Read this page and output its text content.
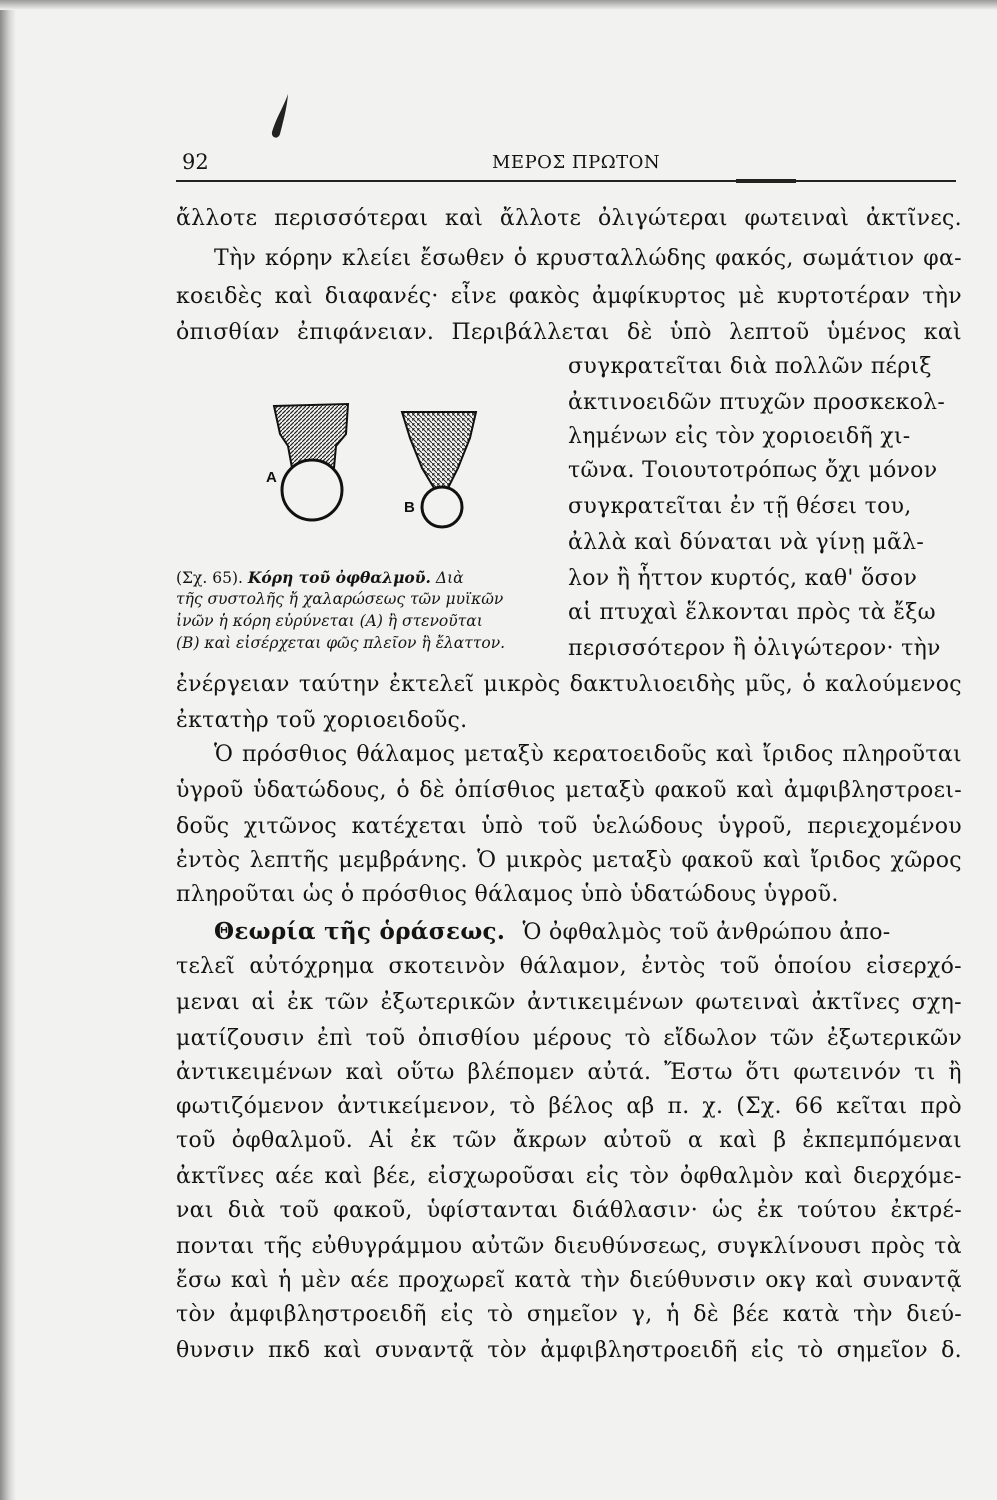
92	ΜΕΡΟΣ ΠΡΩΤΟΝ
ἄλλοτε περισσότεραι καὶ ἄλλοτε ὀλιγώτεραι φωτειναὶ ἀκτῖνες.
Τὴν κόρην κλείει ἔσωθεν ὁ κρυσταλλώδης φακός, σωμάτιον φα-
κοειδὲς καὶ διαφανές· εἶνε φακὸς ἀμφίκυρτος μὲ κυρτοτέραν τὴν
ὀπισθίαν ἐπιφάνειαν. Περιβάλλεται δὲ ὑπὸ λεπτοῦ ὑμένος καὶ
συγκρατεῖται διὰ πολλῶν πέριξ
ἀκτινοειδῶν πτυχῶν προσκεκολ-
λημένων εἰς τὸν χοριοειδῆ χι-
τῶνα. Τοιουτοτρόπως ὄχι μόνον
συγκρατεῖται ἐν τῇ θέσει του,
ἀλλὰ καὶ δύναται νὰ γίνῃ μᾶλ-
λον ἢ ἧττον κυρτός, καθ' ὅσον
αἱ πτυχαὶ ἕλκονται πρὸς τὰ ἔξω
περισσότερον ἢ ὀλιγώτερον· τὴν
A
B
(Σχ. 65). Κόρη τοῦ ὀφθαλμοῦ. Διὰ
τῆς συστολῆς ἤ χαλαρώσεως τῶν μυϊκῶν
ἰνῶν ἡ κόρη εὐρύνεται (Α) ἢ στενοῦται
(Β) καὶ εἰσέρχεται φῶς πλεῖον ἢ ἔλαττον.
ἐνέργειαν ταύτην ἐκτελεῖ μικρὸς δακτυλιοειδὴς μῦς, ὁ καλούμενος
ἐκτατὴρ τοῦ χοριοειδοῦς.
Ὁ πρόσθιος θάλαμος μεταξὺ κερατοειδοῦς καὶ ἴριδος πληροῦται
ὑγροῦ ὑδατώδους, ὁ δὲ ὀπίσθιος μεταξὺ φακοῦ καὶ ἀμφιβληστροει-
δοῦς χιτῶνος κατέχεται ὑπὸ τοῦ ὑελώδους ὑγροῦ, περιεχομένου
ἐντὸς λεπτῆς μεμβράνης. Ὁ μικρὸς μεταξὺ φακοῦ καὶ ἴριδος χῶρος
πληροῦται ὡς ὁ πρόσθιος θάλαμος ὑπὸ ὑδατώδους ὑγροῦ.
Θεωρία τῆς ὁράσεως. Ὁ ὀφθαλμὸς τοῦ ἀνθρώπου ἀπο-
τελεῖ αὐτόχρημα σκοτεινὸν θάλαμον, ἐντὸς τοῦ ὁποίου εἰσερχό-
μεναι αἱ ἐκ τῶν ἐξωτερικῶν ἀντικειμένων φωτειναὶ ἀκτῖνες σχη-
ματίζουσιν ἐπὶ τοῦ ὀπισθίου μέρους τὸ εἴδωλον τῶν ἐξωτερικῶν
ἀντικειμένων καὶ οὕτω βλέπομεν αὐτά. Ἔστω ὅτι φωτεινόν τι ἢ
φωτιζόμενον ἀντικείμενον, τὸ βέλος αβ π. χ. (Σχ. 66 κεῖται πρὸ
τοῦ ὀφθαλμοῦ. Αἱ ἐκ τῶν ἄκρων αὐτοῦ α καὶ β ἐκπεμπόμεναι
ἀκτῖνες αέε καὶ βέε, εἰσχωροῦσαι εἰς τὸν ὀφθαλμὸν καὶ διερχόμε-
ναι διὰ τοῦ φακοῦ, ὑφίστανται διάθλασιν· ὡς ἐκ τούτου ἐκτρέ-
πονται τῆς εὐθυγράμμου αὐτῶν διευθύνσεως, συγκλίνουσι πρὸς τὰ
ἔσω καὶ ἡ μὲν αέε προχωρεῖ κατὰ τὴν διεύθυνσιν οκγ καὶ συναντᾷ
τὸν ἀμφιβληστροειδῆ εἰς τὸ σημεῖον γ, ἡ δὲ βέε κατὰ τὴν διεύ-
θυνσιν πκδ καὶ συναντᾷ τὸν ἀμφιβληστροειδῆ εἰς τὸ σημεῖον δ.
